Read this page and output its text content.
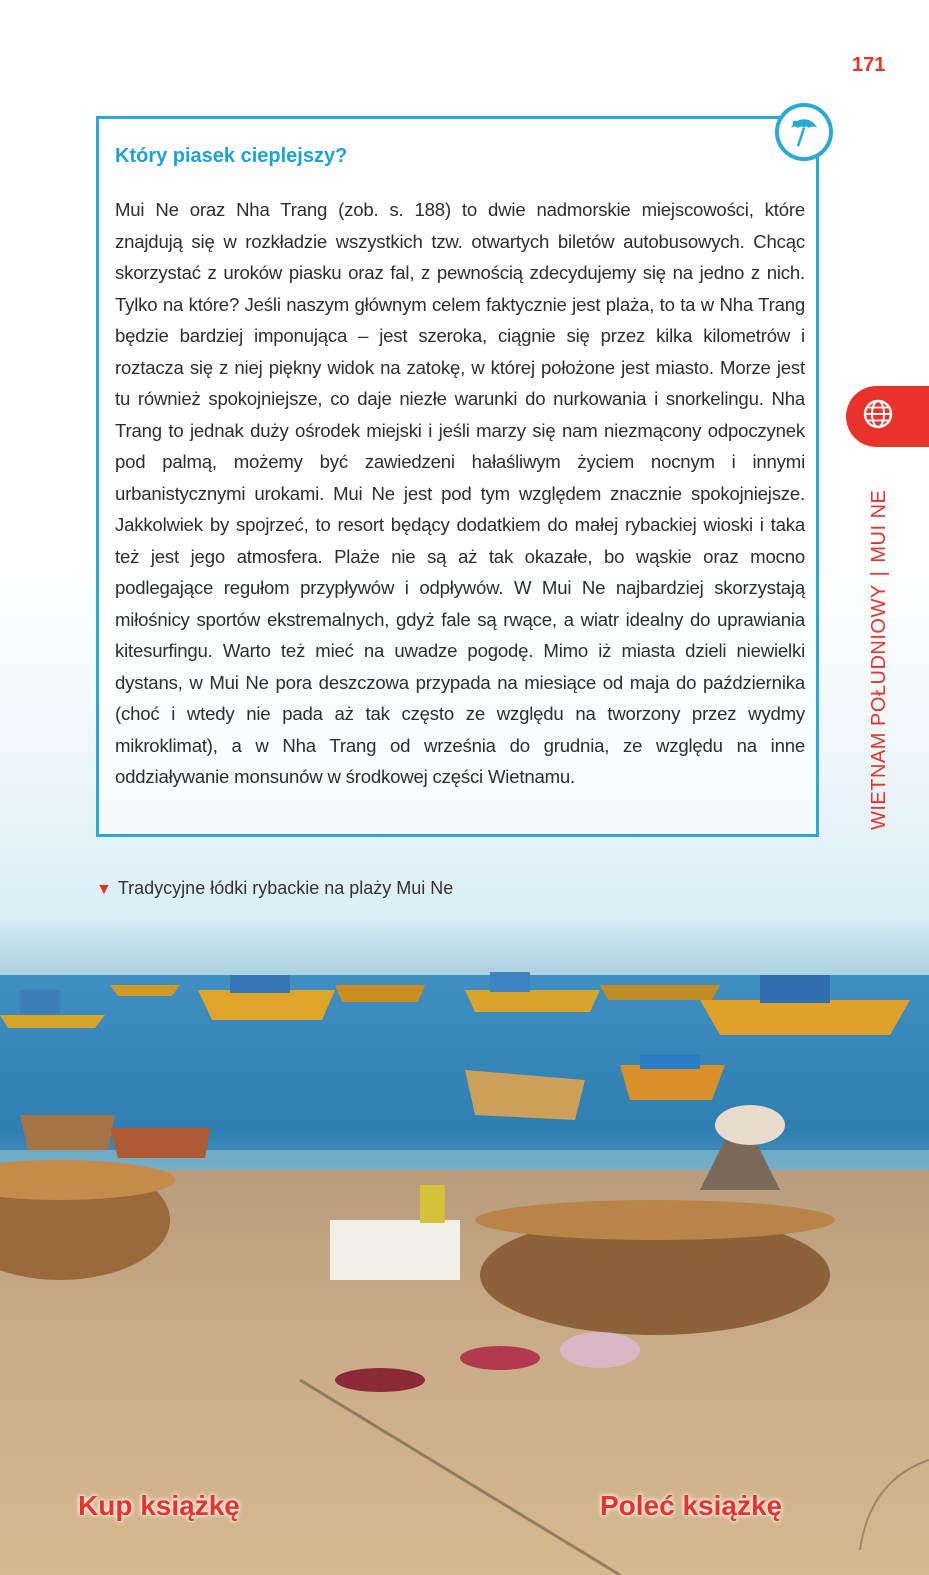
171
Który piasek cieplejszy?
Mui Ne oraz Nha Trang (zob. s. 188) to dwie nadmorskie miejscowości, które znajdują się w rozkładzie wszystkich tzw. otwartych biletów autobusowych. Chcąc skorzystać z uroków piasku oraz fal, z pewnością zdecydujemy się na jedno z nich. Tylko na które? Jeśli naszym głównym celem faktycznie jest plaża, to ta w Nha Trang będzie bardziej imponująca – jest szeroka, ciągnie się przez kilka kilometrów i roztacza się z niej piękny widok na zatokę, w której położone jest miasto. Morze jest tu również spokojniejsze, co daje niezłe warunki do nurkowania i snorkelingu. Nha Trang to jednak duży ośrodek miejski i jeśli marzy się nam niezmącony odpoczynek pod palmą, możemy być zawiedzeni hałaśliwym życiem nocnym i innymi urbanistycznymi urokami. Mui Ne jest pod tym względem znacznie spokojniejsze. Jakkolwiek by spojrzeć, to resort będący dodatkiem do małej rybackiej wioski i taka też jest jego atmosfera. Plaże nie są aż tak okazałe, bo wąskie oraz mocno podlegające regułom przypływów i odpływów. W Mui Ne najbardziej skorzystają miłośnicy sportów ekstremalnych, gdyż fale są rwące, a wiatr idealny do uprawiania kitesurfingu. Warto też mieć na uwadze pogodę. Mimo iż miasta dzieli niewielki dystans, w Mui Ne pora deszczowa przypada na miesiące od maja do października (choć i wtedy nie pada aż tak często ze względu na tworzony przez wydmy mikroklimat), a w Nha Trang od września do grudnia, ze względu na inne oddziaływanie monsunów w środkowej części Wietnamu.	WIETNAM POŁUDNIOWY|MUI NE
▼ Tradycyjne łódki rybackie na plaży Mui Ne
Kup książkę	Poleć książkę
